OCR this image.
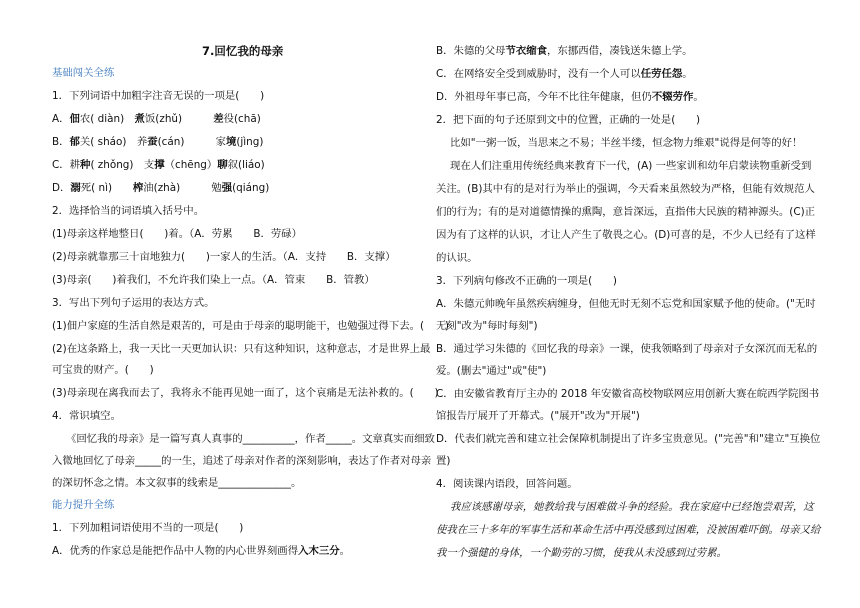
7.回忆我的母亲
基础闯关全练
1．下列词语中加粗字注音无误的一项是(　　)
A．佃农( diàn)　煮饭(zhǔ)　　　差役(chā)
B．郁关( sháo)　养蚕(cán)　　　家境(jìng)
C．耕种( zhǒng)　支撑（chēng）聊叙(liáo)
D．溺死( nì)　　榨油(zhà)　　　勉强(qiáng)
2．选择恰当的词语填入括号中。
(1)母亲这样地整日(　　)着。（A．劳累　　B．劳碌）
(2)母亲就靠那三十亩地独力(　　)一家人的生活。（A．支持　　B．支撑）
(3)母亲(　　)着我们，不允许我们染上一点。（A．管束　　B．管教）
3．写出下列句子运用的表达方式。
(1)佃户家庭的生活自然是艰苦的，可是由于母亲的聪明能干，也勉强过得下去。(　　)
(2)在这条路上，我一天比一天更加认识：只有这种知识，这种意志，才是世界上最
可宝贵的财产。(　　)
(3)母亲现在离我而去了，我将永不能再见她一面了，这个哀痛是无法补救的。(　　)
4．常识填空。
《回忆我的母亲》是一篇写真人真事的__________，作者_____。文章真实而细致
入微地回忆了母亲_____的一生，追述了母亲对作者的深刻影响，表达了作者对母亲
的深切怀念之情。本文叙事的线索是______________。
能力提升全练
1．下列加粗词语使用不当的一项是(　　)
A．优秀的作家总是能把作品中人物的内心世界刻画得入木三分。
B．朱德的父母节衣缩食，东挪西借，凑钱送朱德上学。
C．在网络安全受到威胁时，没有一个人可以任劳任怨。
D．外祖母年事已高，今年不比往年健康，但仍不辍劳作。
2．把下面的句子还原到文中的位置，正确的一处是(　　)
比如"一粥一饭，当思来之不易；半丝半缕，恒念物力维艰"说得是何等的好！
现在人们注重用传统经典来教育下一代，(A) 一些家训和幼年启蒙读物重新受到
关注。(B)其中有的是对行为举止的强调，今天看来虽然较为严格，但能有效规范人
们的行为；有的是对道德情操的熏陶，意旨深远，直指伟大民族的精神源头。(C)正
因为有了这样的认识，才让人产生了敬畏之心。(D)可喜的是，不少人已经有了这样
的认识。
3．下列病句修改不正确的一项是(　　)
A．朱德元帅晚年虽然疾病缠身，但他无时无刻不忘党和国家赋予他的使命。("无时
无刻"改为"每时每刻")
B．通过学习朱德的《回忆我的母亲》一课，使我领略到了母亲对子女深沉而无私的
爱。(删去"通过"或"使")
C．由安徽省教育厅主办的 2018 年安徽省高校物联网应用创新大赛在皖西学院图书
馆报告厅展开了开幕式。("展开"改为"开展")
D．代表们就完善和建立社会保障机制提出了许多宝贵意见。("完善"和"建立"互换位
置)
4．阅读课内语段，回答问题。
我应该感谢母亲，她教给我与困难做斗争的经验。我在家庭中已经饱尝艰苦，这
使我在三十多年的军事生活和革命生活中再没感到过困难，没被困难吓倒。母亲又给
我一个强健的身体，一个勤劳的习惯，使我从未没感到过劳累。
